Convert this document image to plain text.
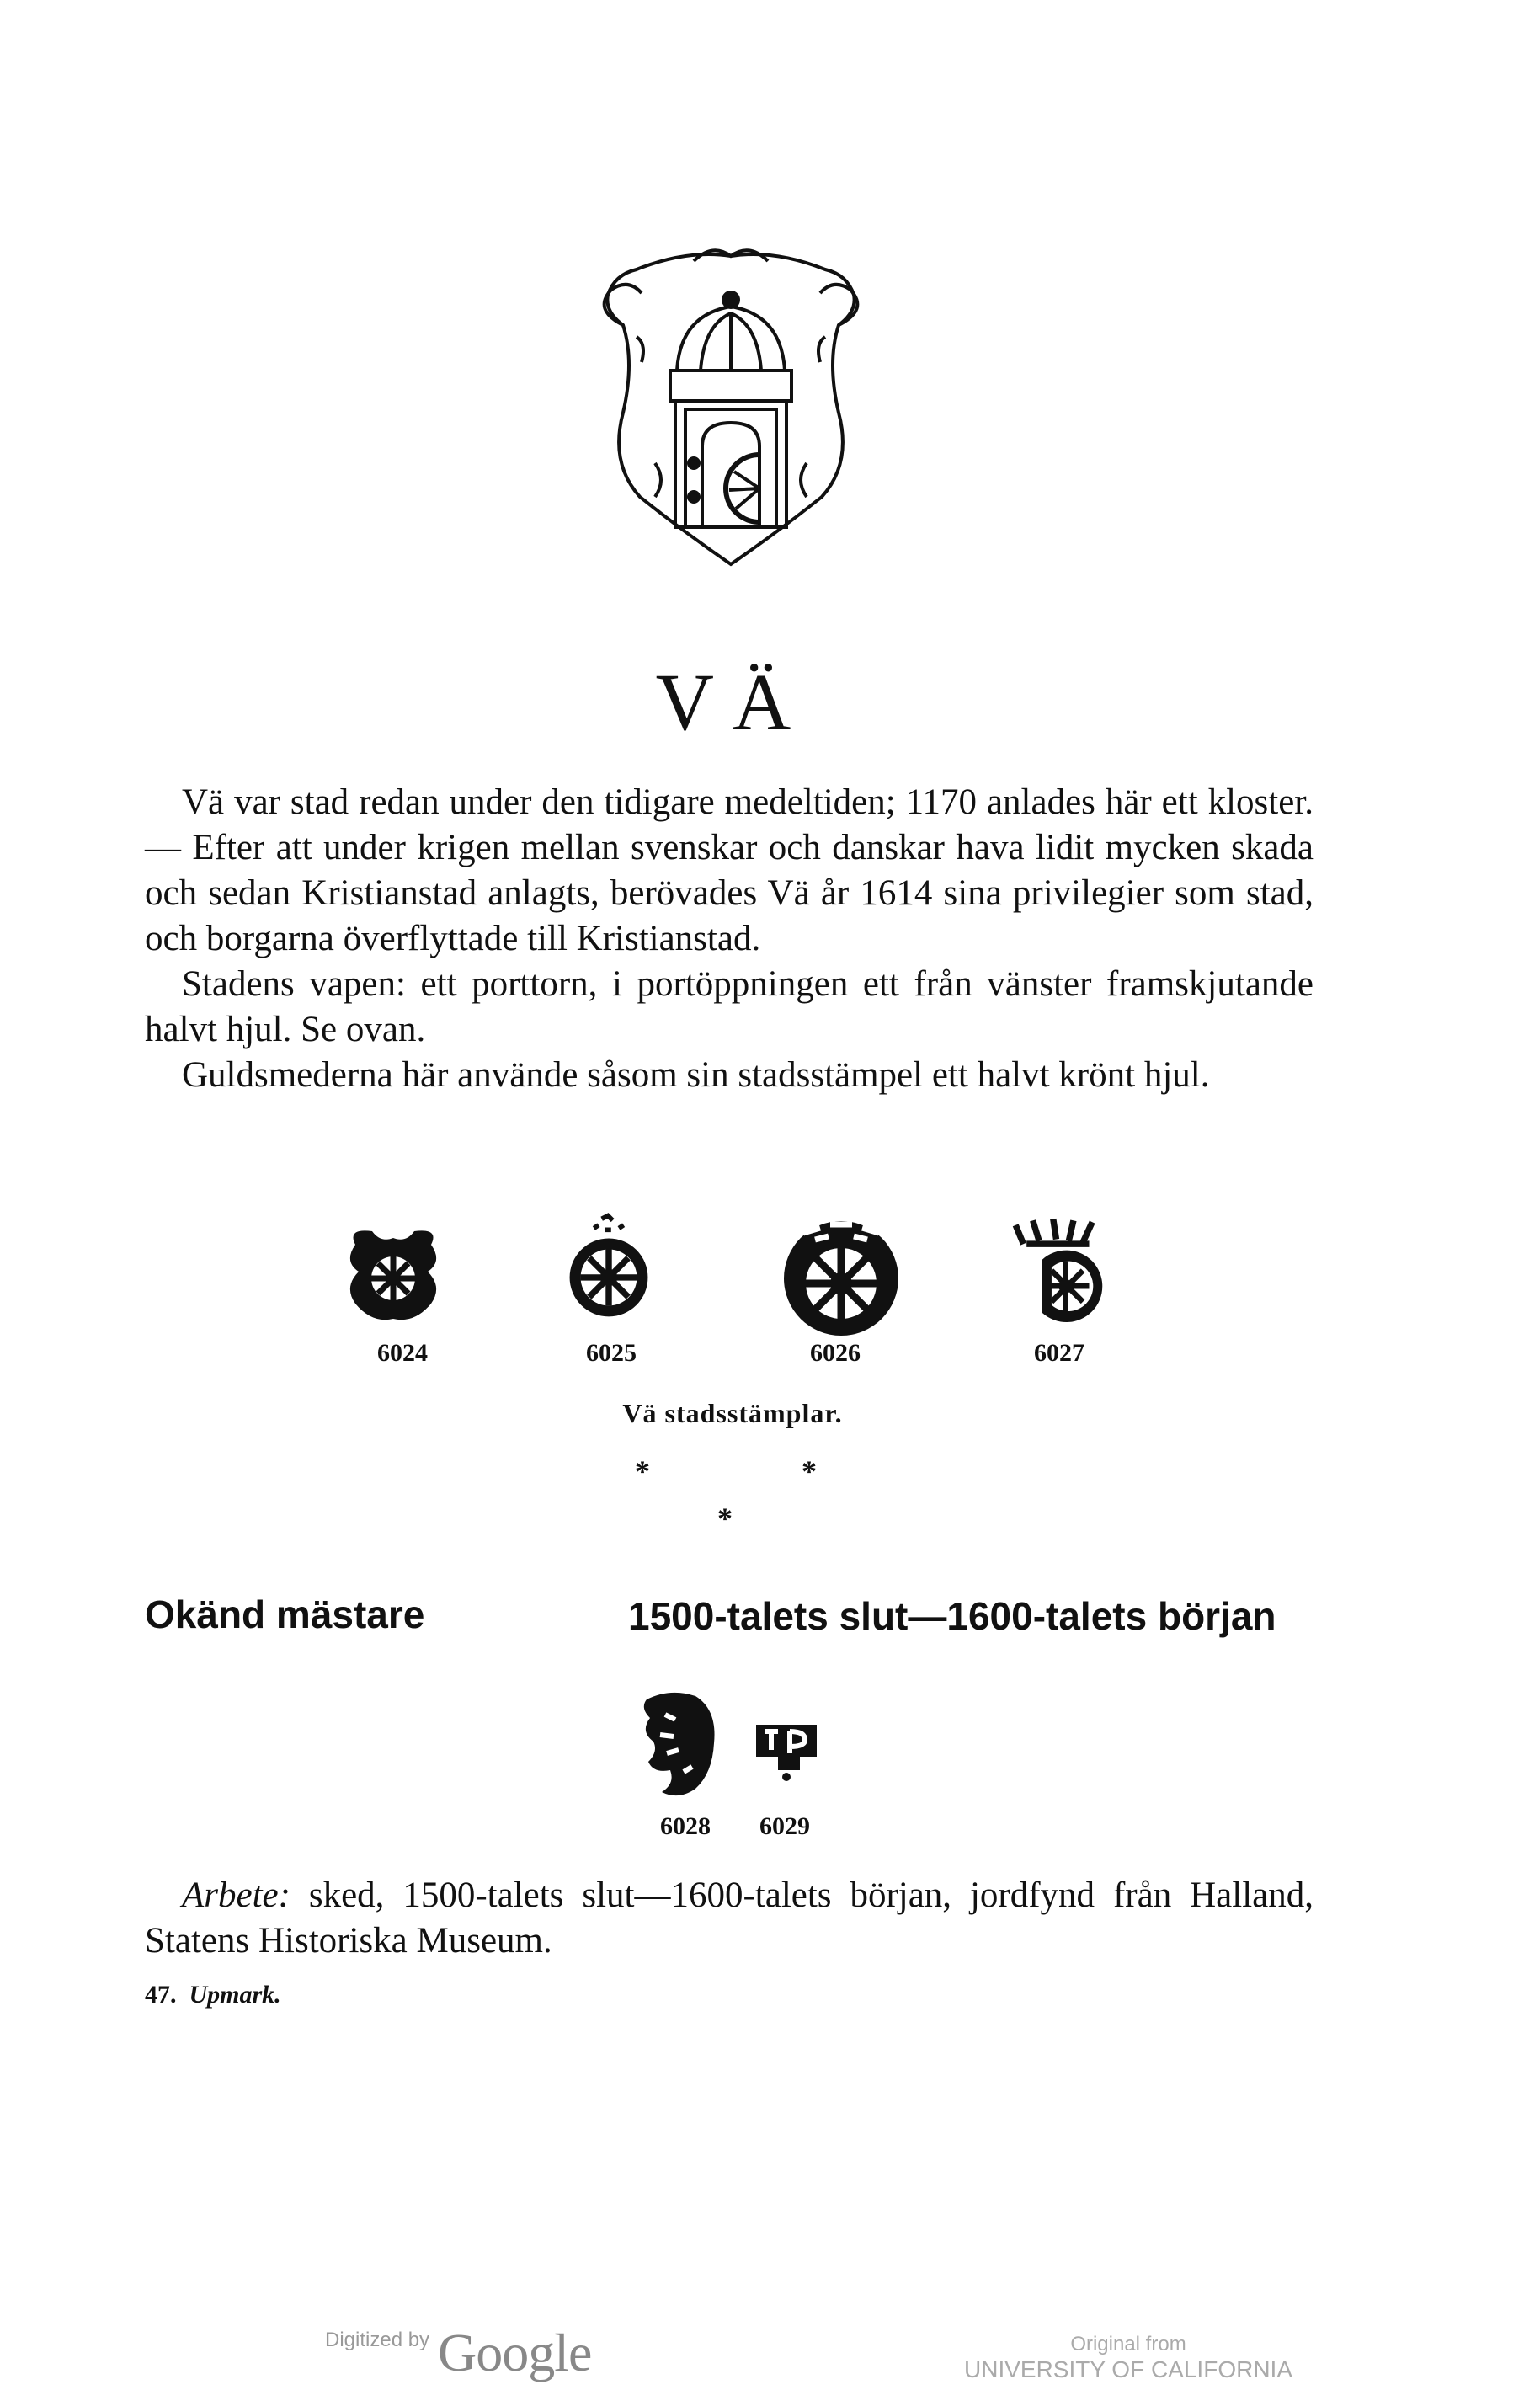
VÄ

Vä var stad redan under den tidigare medeltiden; 1170 anlades här ett kloster. — Efter att under krigen mellan svenskar och danskar hava lidit mycken skada och sedan Kristianstad anlagts, berövades Vä år 1614 sina privilegier som stad, och borgarna överflyttade till Kristianstad.

Stadens vapen: ett porttorn, i portöppningen ett från vänster framskjutande halvt hjul. Se ovan.

Guldsmederna här använde såsom sin stadsstämpel ett halvt krönt hjul.

6024	6025	6026	6027
Vä stadsstämplar.
*	*
*
Okänd mästare	1500-talets slut—1600-talets början
6028	6029

Arbete: sked, 1500-talets slut—1600-talets början, jordfynd från Halland, Statens Historiska Museum.

47. Upmark.
Digitized by Google	Original from
UNIVERSITY OF CALIFORNIA
